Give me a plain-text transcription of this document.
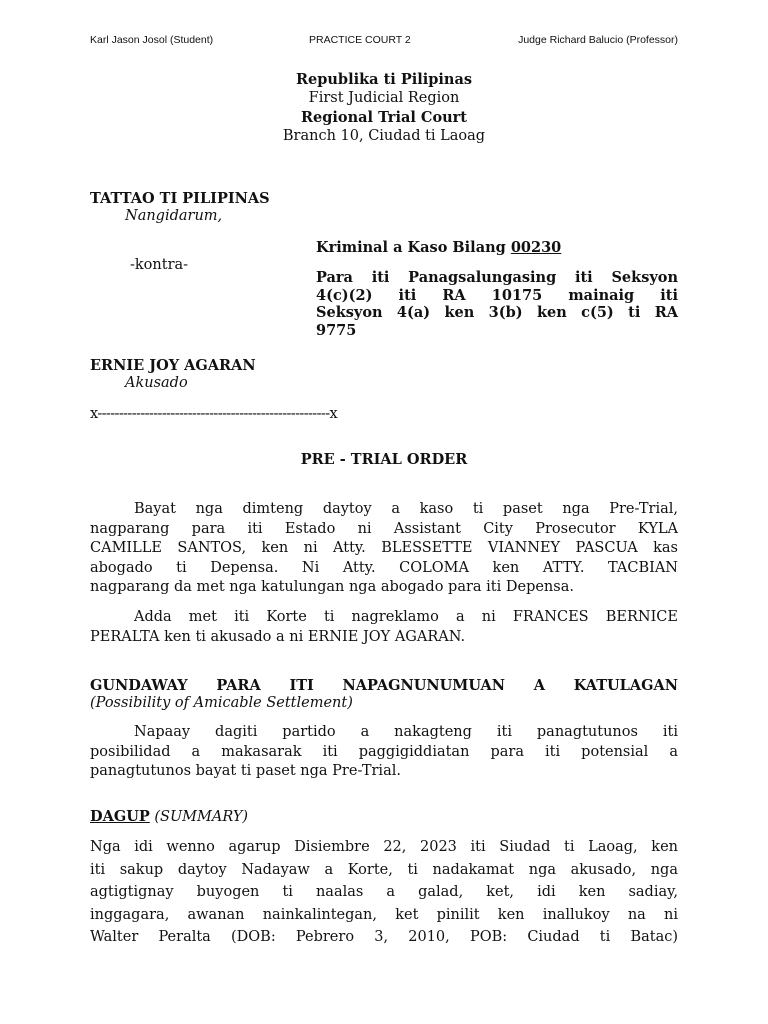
Karl Jason Josol (Student)	PRACTICE COURT 2	Judge Richard Balucio (Professor)
Republika ti Pilipinas
First Judicial Region
Regional Trial Court
Branch 10, Ciudad ti Laoag
TATTAO TI PILIPINAS
Nangidarum,
Kriminal a Kaso Bilang 00230
-kontra-
Para iti Panagsalungasing iti Seksyon
4(c)(2) iti RA 10175 mainaig iti
Seksyon 4(a) ken 3(b) ken c(5) ti RA
9775
ERNIE JOY AGARAN
Akusado
x------------------------------------------------------x
PRE - TRIAL ORDER
Bayat nga dimteng daytoy a kaso ti paset nga Pre-Trial,
nagparang para iti Estado ni Assistant City Prosecutor KYLA
CAMILLE SANTOS, ken ni Atty. BLESSETTE VIANNEY PASCUA kas
abogado ti Depensa. Ni Atty. COLOMA ken ATTY. TACBIAN
nagparang da met nga katulungan nga abogado para iti Depensa.
Adda met iti Korte ti nagreklamo a ni FRANCES BERNICE
PERALTA ken ti akusado a ni ERNIE JOY AGARAN.
GUNDAWAY PARA ITI NAPAGNUNUMUAN A KATULAGAN
(Possibility of Amicable Settlement)
Napaay dagiti partido a nakagteng iti panagtutunos iti
posibilidad a makasarak iti paggigiddiatan para iti potensial a
panagtutunos bayat ti paset nga Pre-Trial.
DAGUP (SUMMARY)
Nga idi wenno agarup Disiembre 22, 2023 iti Siudad ti Laoag, ken
iti sakup daytoy Nadayaw a Korte, ti nadakamat nga akusado, nga
agtigtignay buyogen ti naalas a galad, ket, idi ken sadiay,
inggagara, awanan nainkalintegan, ket pinilit ken inallukoy na ni
Walter Peralta (DOB: Pebrero 3, 2010, POB: Ciudad ti Batac)
